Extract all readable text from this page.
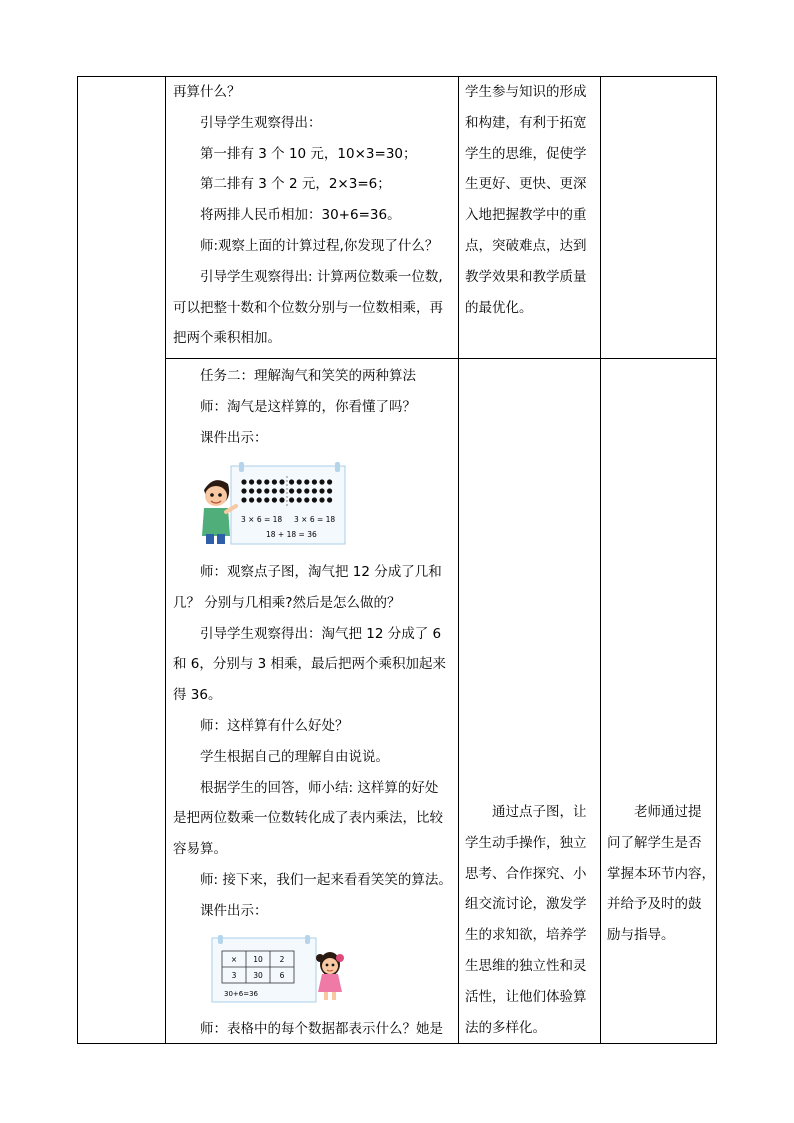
再算什么？

引导学生观察得出：

第一排有 3 个 10 元，10×3=30；

第二排有 3 个 2 元，2×3=6；

将两排人民币相加：30+6=36。

师:观察上面的计算过程,你发现了什么？

引导学生观察得出: 计算两位数乘一位数,

可以把整十数和个位数分别与一位数相乘，再

把两个乘积相加。

学生参与知识的形成

和构建，有利于拓宽

学生的思维，促使学

生更好、更快、更深

入地把握教学中的重

点，突破难点，达到

教学效果和教学质量

的最优化。

任务二：理解淘气和笑笑的两种算法

师：淘气是这样算的，你看懂了吗？

课件出示：

3 × 6 = 18 3 × 6 = 18
18 + 18 = 36

师：观察点子图，淘气把 12 分成了几和

几？ 分别与几相乘?然后是怎么做的？

引导学生观察得出：淘气把 12 分成了 6

和 6，分别与 3 相乘，最后把两个乘积加起来

得 36。

师：这样算有什么好处？

学生根据自己的理解自由说说。

根据学生的回答，师小结: 这样算的好处

是把两位数乘一位数转化成了表内乘法，比较

容易算。

师: 接下来，我们一起来看看笑笑的算法。

课件出示：

× 10 2
3 30 6
30+6=36

师：表格中的每个数据都表示什么？她是

通过点子图，让

学生动手操作，独立

思考、合作探究、小

组交流讨论，激发学

生的求知欲，培养学

生思维的独立性和灵

活性，让他们体验算

法的多样化。

老师通过提

问了解学生是否

掌握本环节内容，

并给予及时的鼓

励与指导。
